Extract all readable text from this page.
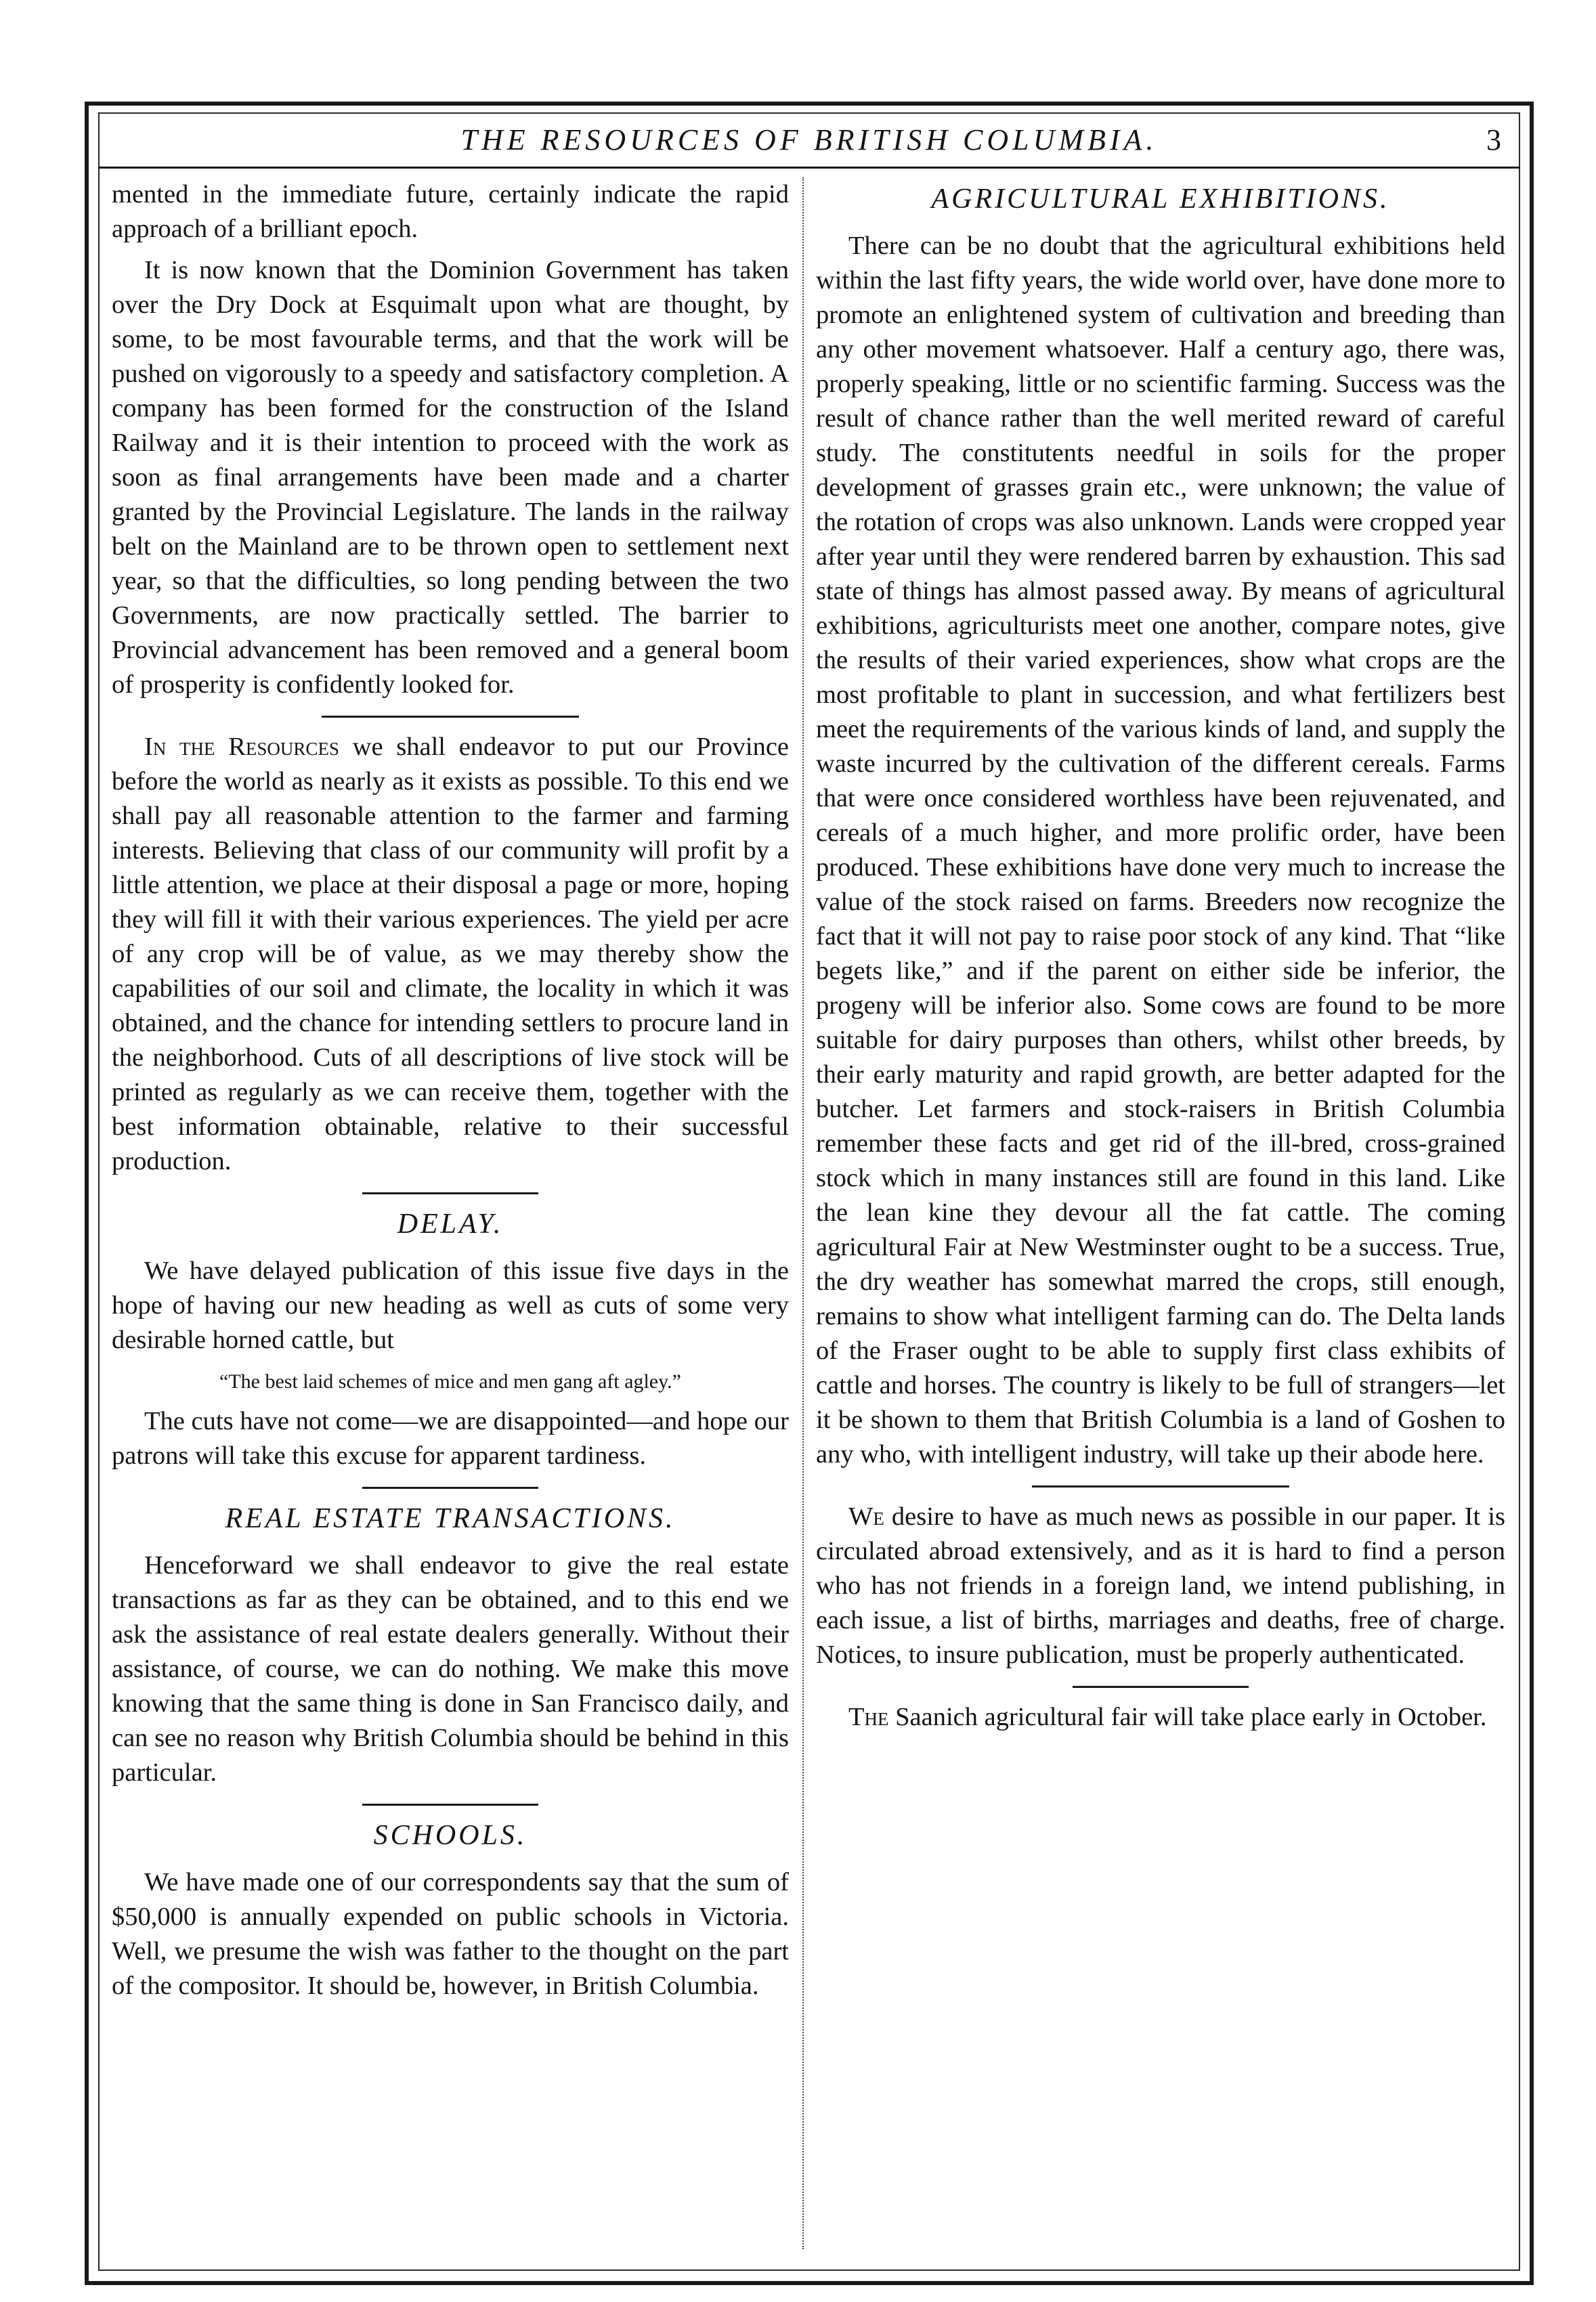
THE RESOURCES OF BRITISH COLUMBIA.	3

mented in the immediate future, certainly indicate the rapid approach of a brilliant epoch.

It is now known that the Dominion Government has taken over the Dry Dock at Esquimalt upon what are thought, by some, to be most favourable terms, and that the work will be pushed on vigorously to a speedy and satisfactory completion. A company has been formed for the construction of the Island Railway and it is their intention to proceed with the work as soon as final arrangements have been made and a charter granted by the Provincial Legislature. The lands in the railway belt on the Mainland are to be thrown open to settlement next year, so that the difficulties, so long pending between the two Governments, are now practically settled. The barrier to Provincial advancement has been removed and a general boom of prosperity is confidently looked for.

In the Resources we shall endeavor to put our Province before the world as nearly as it exists as possible. To this end we shall pay all reasonable attention to the farmer and farming interests. Believing that class of our community will profit by a little attention, we place at their disposal a page or more, hoping they will fill it with their various experiences. The yield per acre of any crop will be of value, as we may thereby show the capabilities of our soil and climate, the locality in which it was obtained, and the chance for intending settlers to procure land in the neighborhood. Cuts of all descriptions of live stock will be printed as regularly as we can receive them, together with the best information obtainable, relative to their successful production.

DELAY.

We have delayed publication of this issue five days in the hope of having our new heading as well as cuts of some very desirable horned cattle, but

“The best laid schemes of mice and men gang aft agley.”

The cuts have not come—we are disappointed—and hope our patrons will take this excuse for apparent tardiness.

REAL ESTATE TRANSACTIONS.

Henceforward we shall endeavor to give the real estate transactions as far as they can be obtained, and to this end we ask the assistance of real estate dealers generally. Without their assistance, of course, we can do nothing. We make this move knowing that the same thing is done in San Francisco daily, and can see no reason why British Columbia should be behind in this particular.

SCHOOLS.

We have made one of our correspondents say that the sum of $50,000 is annually expended on public schools in Victoria. Well, we presume the wish was father to the thought on the part of the compositor. It should be, however, in British Columbia.

AGRICULTURAL EXHIBITIONS.

There can be no doubt that the agricultural exhibitions held within the last fifty years, the wide world over, have done more to promote an enlightened system of cultivation and breeding than any other movement whatsoever. Half a century ago, there was, properly speaking, little or no scientific farming. Success was the result of chance rather than the well merited reward of careful study. The constitutents needful in soils for the proper development of grasses grain etc., were unknown; the value of the rotation of crops was also unknown. Lands were cropped year after year until they were rendered barren by exhaustion. This sad state of things has almost passed away. By means of agricultural exhibitions, agriculturists meet one another, compare notes, give the results of their varied experiences, show what crops are the most profitable to plant in succession, and what fertilizers best meet the requirements of the various kinds of land, and supply the waste incurred by the cultivation of the different cereals. Farms that were once considered worthless have been rejuvenated, and cereals of a much higher, and more prolific order, have been produced. These exhibitions have done very much to increase the value of the stock raised on farms. Breeders now recognize the fact that it will not pay to raise poor stock of any kind. That “like begets like,” and if the parent on either side be inferior, the progeny will be inferior also. Some cows are found to be more suitable for dairy purposes than others, whilst other breeds, by their early maturity and rapid growth, are better adapted for the butcher. Let farmers and stock-raisers in British Columbia remember these facts and get rid of the ill-bred, cross-grained stock which in many instances still are found in this land. Like the lean kine they devour all the fat cattle. The coming agricultural Fair at New Westminster ought to be a success. True, the dry weather has somewhat marred the crops, still enough, remains to show what intelligent farming can do. The Delta lands of the Fraser ought to be able to supply first class exhibits of cattle and horses. The country is likely to be full of strangers—let it be shown to them that British Columbia is a land of Goshen to any who, with intelligent industry, will take up their abode here.

We desire to have as much news as possible in our paper. It is circulated abroad extensively, and as it is hard to find a person who has not friends in a foreign land, we intend publishing, in each issue, a list of births, marriages and deaths, free of charge. Notices, to insure publication, must be properly authenticated.

The Saanich agricultural fair will take place early in October.
